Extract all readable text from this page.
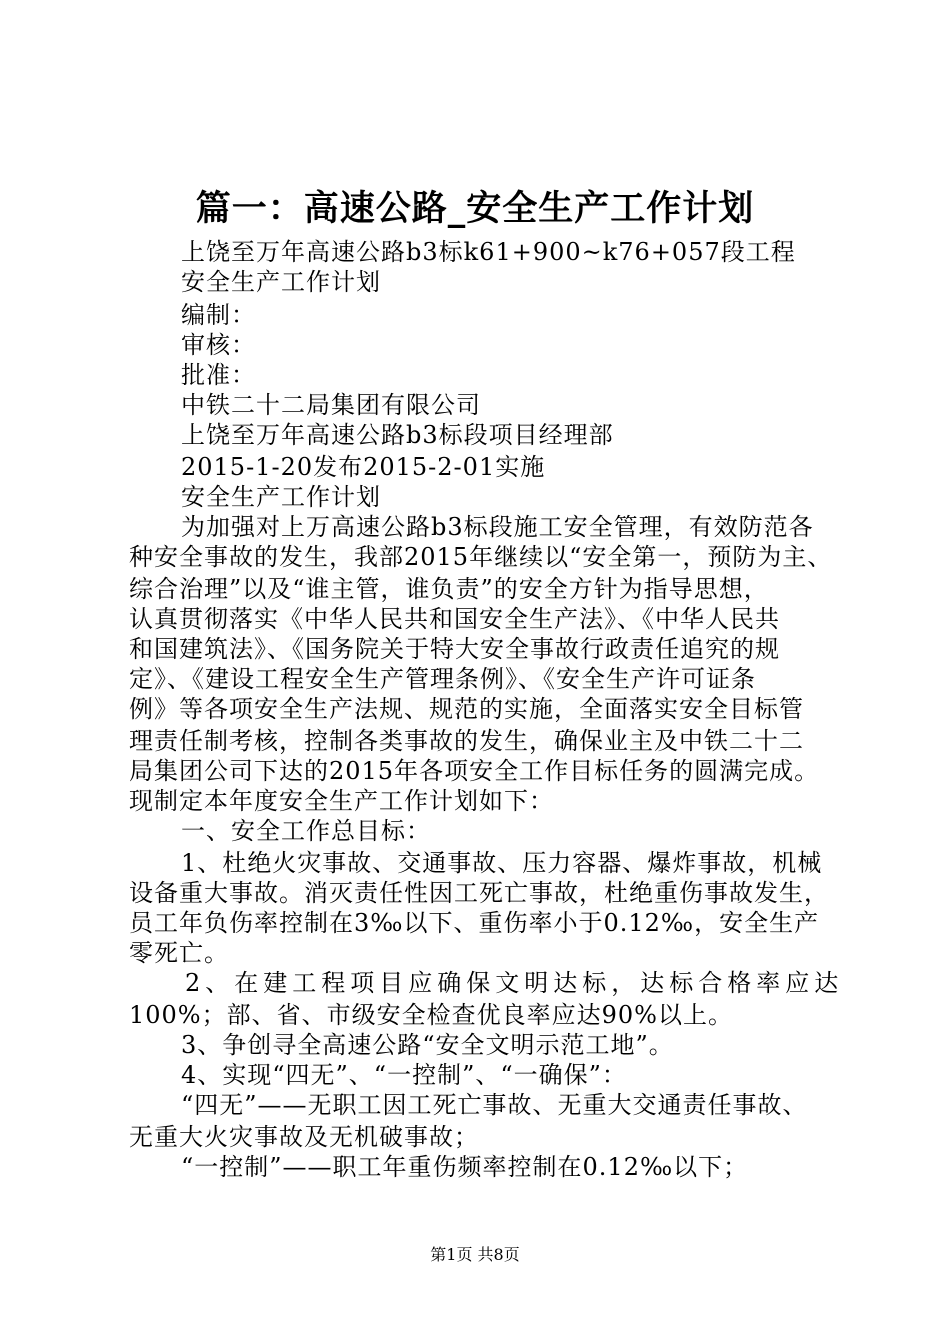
篇一：高速公路_安全生产工作计划
上饶至万年高速公路b3标k61+900~k76+057段工程
安全生产工作计划
编制：
审核：
批准：
中铁二十二局集团有限公司
上饶至万年高速公路b3标段项目经理部
2015-1-20发布2015-2-01实施
安全生产工作计划
为加强对上万高速公路b3标段施工安全管理，有效防范各
种安全事故的发生，我部2015年继续以“安全第一，预防为主、
综合治理”以及“谁主管，谁负责”的安全方针为指导思想，
认真贯彻落实《中华人民共和国安全生产法》、《中华人民共
和国建筑法》、《国务院关于特大安全事故行政责任追究的规
定》、《建设工程安全生产管理条例》、《安全生产许可证条
例》等各项安全生产法规、规范的实施，全面落实安全目标管
理责任制考核，控制各类事故的发生，确保业主及中铁二十二
局集团公司下达的2015年各项安全工作目标任务的圆满完成。
现制定本年度安全生产工作计划如下：
一、安全工作总目标：
1、杜绝火灾事故、交通事故、压力容器、爆炸事故，机械
设备重大事故。消灭责任性因工死亡事故，杜绝重伤事故发生，
员工年负伤率控制在3‰以下、重伤率小于0.12‰，安全生产
零死亡。
2、在建工程项目应确保文明达标，达标合格率应达
100%；部、省、市级安全检查优良率应达90%以上。
3、争创寻全高速公路“安全文明示范工地”。
4、实现“四无”、“一控制”、“一确保”：
“四无”——无职工因工死亡事故、无重大交通责任事故、
无重大火灾事故及无机破事故；
“一控制”——职工年重伤频率控制在0.12‰以下；
第1页 共8页
